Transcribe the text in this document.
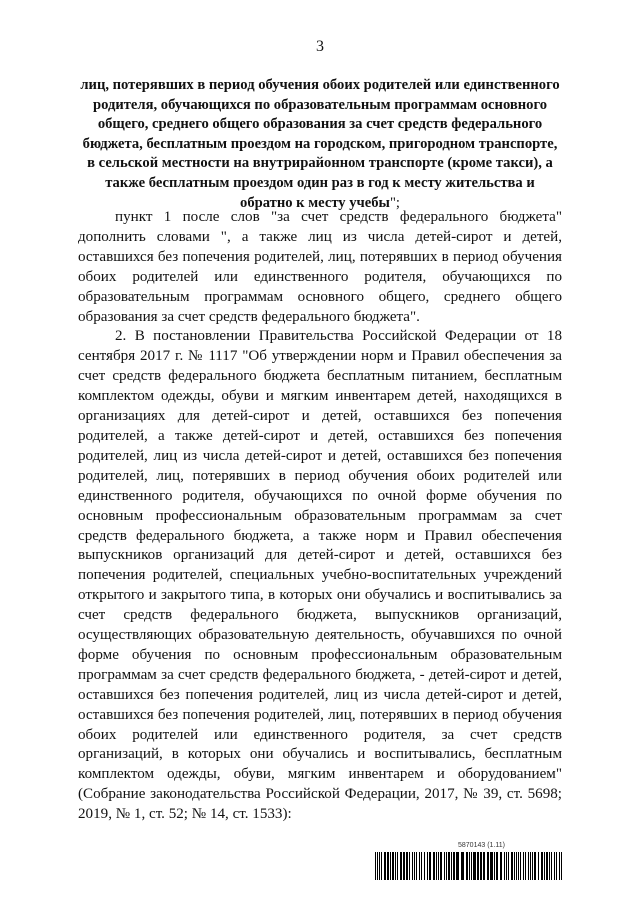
3
лиц, потерявших в период обучения обоих родителей или единственного родителя, обучающихся по образовательным программам основного общего, среднего общего образования за счет средств федерального бюджета, бесплатным проездом на городском, пригородном транспорте, в сельской местности на внутрирайонном транспорте (кроме такси), а также бесплатным проездом один раз в год к месту жительства и обратно к месту учебы";

пункт 1 после слов "за счет средств федерального бюджета" дополнить словами ", а также лиц из числа детей-сирот и детей, оставшихся без попечения родителей, лиц, потерявших в период обучения обоих родителей или единственного родителя, обучающихся по образовательным программам основного общего, среднего общего образования за счет средств федерального бюджета".

2. В постановлении Правительства Российской Федерации от 18 сентября 2017 г. № 1117 "Об утверждении норм и Правил обеспечения за счет средств федерального бюджета бесплатным питанием, бесплатным комплектом одежды, обуви и мягким инвентарем детей, находящихся в организациях для детей-сирот и детей, оставшихся без попечения родителей, а также детей-сирот и детей, оставшихся без попечения родителей, лиц из числа детей-сирот и детей, оставшихся без попечения родителей, лиц, потерявших в период обучения обоих родителей или единственного родителя, обучающихся по очной форме обучения по основным профессиональным образовательным программам за счет средств федерального бюджета, а также норм и Правил обеспечения выпускников организаций для детей-сирот и детей, оставшихся без попечения родителей, специальных учебно-воспитательных учреждений открытого и закрытого типа, в которых они обучались и воспитывались за счет средств федерального бюджета, выпускников организаций, осуществляющих образовательную деятельность, обучавшихся по очной форме обучения по основным профессиональным образовательным программам за счет средств федерального бюджета, - детей-сирот и детей, оставшихся без попечения родителей, лиц из числа детей-сирот и детей, оставшихся без попечения родителей, лиц, потерявших в период обучения обоих родителей или единственного родителя, за счет средств организаций, в которых они обучались и воспитывались, бесплатным комплектом одежды, обуви, мягким инвентарем и оборудованием" (Собрание законодательства Российской Федерации, 2017, № 39, ст. 5698; 2019, № 1, ст. 52; № 14, ст. 1533):

5870143 (1.11)
